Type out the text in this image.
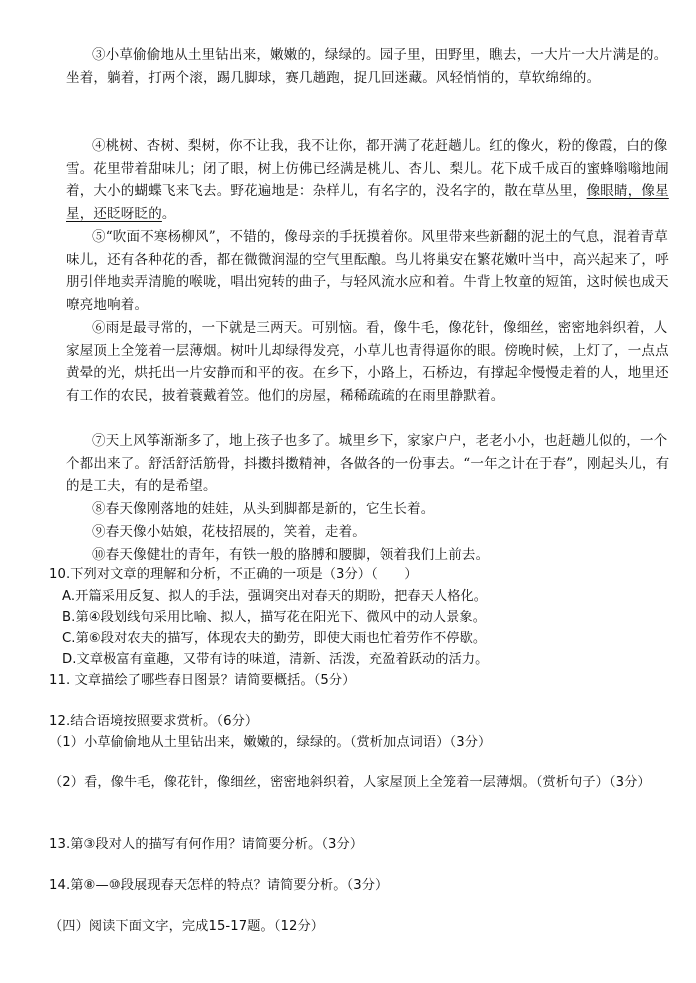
③小草偷偷地从土里钻出来，嫩嫩的，绿绿的。园子里，田野里，瞧去，一大片一大片满是的。坐着，躺着，打两个滚，踢几脚球，赛几趟跑，捉几回迷藏。风轻悄悄的，草软绵绵的。

④桃树、杏树、梨树，你不让我，我不让你，都开满了花赶趟儿。红的像火，粉的像霞，白的像雪。花里带着甜味儿；闭了眼，树上仿佛已经满是桃儿、杏儿、梨儿。花下成千成百的蜜蜂嗡嗡地闹着，大小的蝴蝶飞来飞去。野花遍地是：杂样儿，有名字的，没名字的，散在草丛里，像眼睛，像星星，还眨呀眨的。

⑤“吹面不寒杨柳风”，不错的，像母亲的手抚摸着你。风里带来些新翻的泥土的气息，混着青草味儿，还有各种花的香，都在微微润湿的空气里酝酿。鸟儿将巢安在繁花嫩叶当中，高兴起来了，呼朋引伴地卖弄清脆的喉咙，唱出宛转的曲子，与轻风流水应和着。牛背上牧童的短笛，这时候也成天嘹亮地响着。

⑥雨是最寻常的，一下就是三两天。可别恼。看，像牛毛，像花针，像细丝，密密地斜织着，人家屋顶上全笼着一层薄烟。树叶儿却绿得发亮，小草儿也青得逼你的眼。傍晚时候，上灯了，一点点黄晕的光，烘托出一片安静而和平的夜。在乡下，小路上，石桥边，有撑起伞慢慢走着的人，地里还有工作的农民，披着蓑戴着笠。他们的房屋，稀稀疏疏的在雨里静默着。

⑦天上风筝渐渐多了，地上孩子也多了。城里乡下，家家户户，老老小小，也赶趟儿似的，一个个都出来了。舒活舒活筋骨，抖擞抖擞精神，各做各的一份事去。“一年之计在于春”，刚起头儿，有的是工夫，有的是希望。

⑧春天像刚落地的娃娃，从头到脚都是新的，它生长着。

⑨春天像小姑娘，花枝招展的，笑着，走着。

⑩春天像健壮的青年，有铁一般的胳膊和腰脚，领着我们上前去。

10.下列对文章的理解和分析，不正确的一项是（3分）（　　）

A.开篇采用反复、拟人的手法，强调突出对春天的期盼，把春天人格化。

B.第④段划线句采用比喻、拟人，描写花在阳光下、微风中的动人景象。

C.第⑥段对农夫的描写，体现农夫的勤劳，即使大雨也忙着劳作不停歇。

D.文章极富有童趣，又带有诗的味道，清新、活泼，充盈着跃动的活力。

11. 文章描绘了哪些春日图景？请简要概括。（5分）

12.结合语境按照要求赏析。（6分）

（1）小草偷偷地从土里钻出来，嫩嫩的，绿绿的。（赏析加点词语）（3分）

（2）看，像牛毛，像花针，像细丝，密密地斜织着，人家屋顶上全笼着一层薄烟。（赏析句子）（3分）

13.第③段对人的描写有何作用？请简要分析。（3分）

14.第⑧—⑩段展现春天怎样的特点？请简要分析。（3分）

（四）阅读下面文字，完成15-17题。（12分）
